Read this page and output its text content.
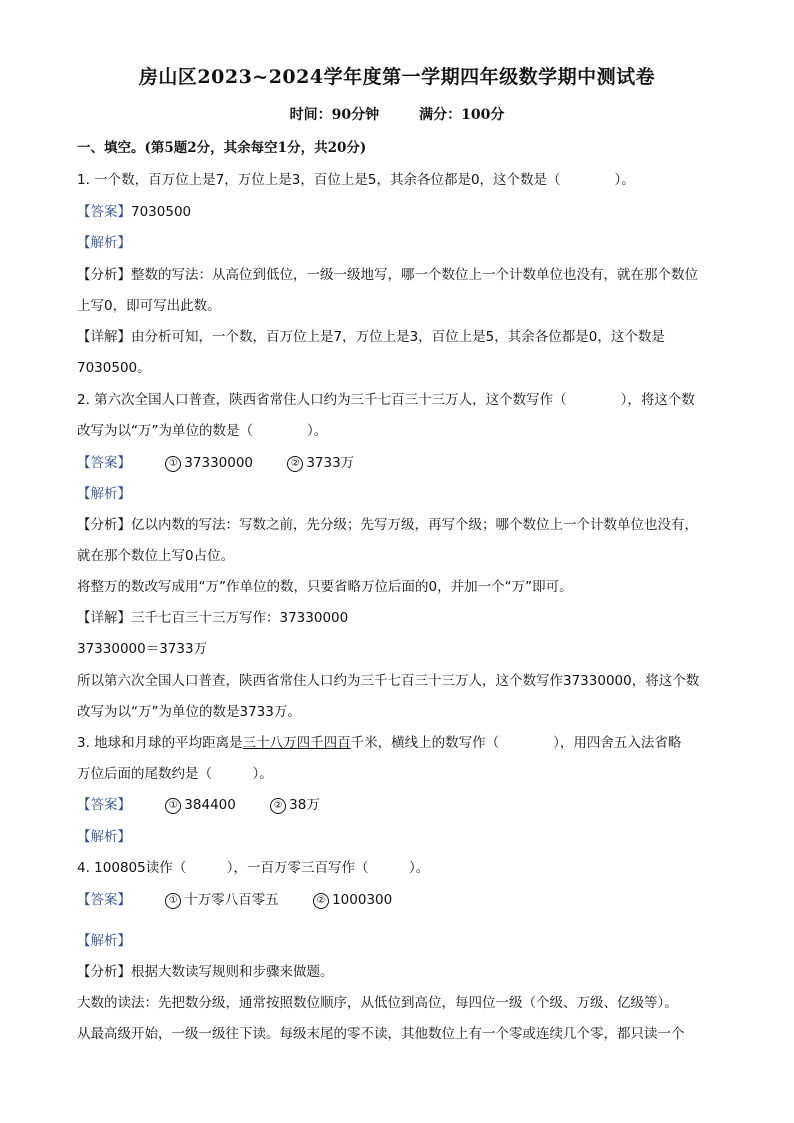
房山区2023~2024学年度第一学期四年级数学期中测试卷
时间：90分钟	满分：100分
一、填空。(第5题2分，其余每空1分，共20分)
1. 一个数，百万位上是7，万位上是3，百位上是5，其余各位都是0，这个数是（　　　　）。
【答案】7030500
【解析】
【分析】整数的写法：从高位到低位，一级一级地写，哪一个数位上一个计数单位也没有，就在那个数位
上写0，即可写出此数。
【详解】由分析可知，一个数，百万位上是7，万位上是3，百位上是5，其余各位都是0，这个数是
7030500。
2. 第六次全国人口普查，陕西省常住人口约为三千七百三十三万人，这个数写作（　　　　），将这个数
改写为以“万”为单位的数是（　　　　）。
【答案】	① 37330000	② 3733万
【解析】
【分析】亿以内数的写法：写数之前，先分级；先写万级，再写个级；哪个数位上一个计数单位也没有，
就在那个数位上写0占位。
将整万的数改写成用“万”作单位的数，只要省略万位后面的0，并加一个“万”即可。
【详解】三千七百三十三万写作：37330000
37330000＝3733万
所以第六次全国人口普查，陕西省常住人口约为三千七百三十三万人，这个数写作37330000，将这个数
改写为以“万”为单位的数是3733万。
3. 地球和月球的平均距离是三十八万四千四百千米，横线上的数写作（　　　　），用四舍五入法省略
万位后面的尾数约是（　　　）。
【答案】	① 384400	② 38万
【解析】
4. 100805读作（　　　），一百万零三百写作（　　　）。
【答案】	① 十万零八百零五	② 1000300
【解析】
【分析】根据大数读写规则和步骤来做题。
大数的读法：先把数分级，通常按照数位顺序，从低位到高位，每四位一级（个级、万级、亿级等）。
从最高级开始，一级一级往下读。每级末尾的零不读，其他数位上有一个零或连续几个零，都只读一个
